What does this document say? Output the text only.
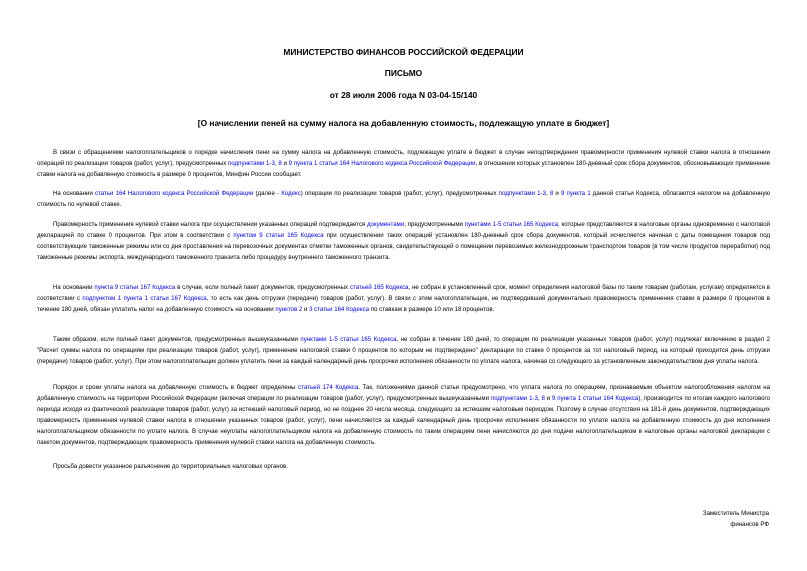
МИНИСТЕРСТВО ФИНАНСОВ РОССИЙСКОЙ ФЕДЕРАЦИИ
ПИСЬМО
от 28 июля 2006 года N 03-04-15/140
[О начислении пеней на сумму налога на добавленную стоимость, подлежащую уплате в бюджет]

В связи с обращениями налогоплательщиков о порядке начисления пени на сумму налога на добавленную стоимость, подлежащую уплате в бюджет в случае неподтверждения правомерности применения нулевой ставки налога в отношении операций по реализации товаров (работ, услуг), предусмотренных подпунктами 1-3, 8 и 9 пункта 1 статьи 164 Налогового кодекса Российской Федерации, в отношении которых установлен 180-дневный срок сбора документов, обосновывающих применение ставки налога на добавленную стоимость в размере 0 процентов, Минфин России сообщает.

На основании статьи 164 Налогового кодекса Российской Федерации (далее - Кодекс) операции по реализации товаров (работ, услуг), предусмотренных подпунктами 1-3, 8 и 9 пункта 1 данной статьи Кодекса, облагаются налогом на добавленную стоимость по нулевой ставке.

Правомерность применения нулевой ставки налога при осуществлении указанных операций подтверждается документами, предусмотренными пунктами 1-5 статьи 165 Кодекса, которые представляются в налоговые органы одновременно с налоговой декларацией по ставке 0 процентов. При этом в соответствии с пунктом 9 статьи 165 Кодекса при осуществлении таких операций установлен 180-дневный срок сбора документов, который исчисляется начиная с даты помещения товаров под соответствующие таможенные режимы или со дня проставления на перевозочных документах отметки таможенных органов, свидетельствующей о помещении перевозимых железнодорожным транспортом товаров (в том числе продуктов переработки) под таможенные режимы экспорта, международного таможенного транзита либо процедуру внутреннего таможенного транзита.

На основании пункта 9 статьи 167 Кодекса в случае, если полный пакет документов, предусмотренных статьей 165 Кодекса, не собран в установленный срок, момент определения налоговой базы по таким товарам (работам, услугам) определяется в соответствии с подпунктом 1 пункта 1 статьи 167 Кодекса, то есть как день отгрузки (передачи) товаров (работ, услуг). В связи с этим налогоплательщик, не подтвердивший документально правомерность применения ставки в размере 0 процентов в течение 180 дней, обязан уплатить налог на добавленную стоимость на основании пунктов 2 и 3 статьи 164 Кодекса по ставкам в размере 10 или 18 процентов.

Таким образом, если полный пакет документов, предусмотренных вышеуказанными пунктами 1-5 статьи 165 Кодекса, не собран в течение 180 дней, то операции по реализации указанных товаров (работ, услуг) подлежат включению в раздел 2 "Расчет суммы налога по операциям при реализации товаров (работ, услуг), применение налоговой ставки 0 процентов по которым не подтверждено" декларации по ставке 0 процентов за тот налоговый период, на который приходится день отгрузки (передачи) товаров (работ, услуг). При этом налогоплательщик должен уплатить пени за каждый календарный день просрочки исполнения обязанности по уплате налога, начиная со следующего за установленным законодательством дня уплаты налога.

Порядок и сроки уплаты налога на добавленную стоимость в бюджет определены статьей 174 Кодекса. Так, положениями данной статьи предусмотрено, что уплата налога по операциям, признаваемым объектом налогообложения налогом на добавленную стоимость на территории Российской Федерации (включая операции по реализации товаров (работ, услуг), предусмотренных вышеуказанными подпунктами 1-3, 8 и 9 пункта 1 статьи 164 Кодекса), производится по итогам каждого налогового периода исходя из фактической реализации товаров (работ, услуг) за истекший налоговый период, но не позднее 20 числа месяца, следующего за истекшим налоговым периодом. Поэтому в случае отсутствия на 181-й день документов, подтверждающих правомерность применения нулевой ставки налога в отношении указанных товаров (работ, услуг), пени начисляются за каждый календарный день просрочки исполнения обязанности по уплате налога на добавленную стоимость до дня исполнения налогоплательщиком обязанности по уплате налога. В случае неуплаты налогоплательщиком налога на добавленную стоимость по таким операциям пени начисляются до дня подачи налогоплательщиком в налоговые органы налоговой декларации с пакетом документов, подтверждающих правомерность применения нулевой ставки налога на добавленную стоимость.

Просьба довести указанное разъяснение до территориальных налоговых органов.

Заместитель Министра
финансов РФ
